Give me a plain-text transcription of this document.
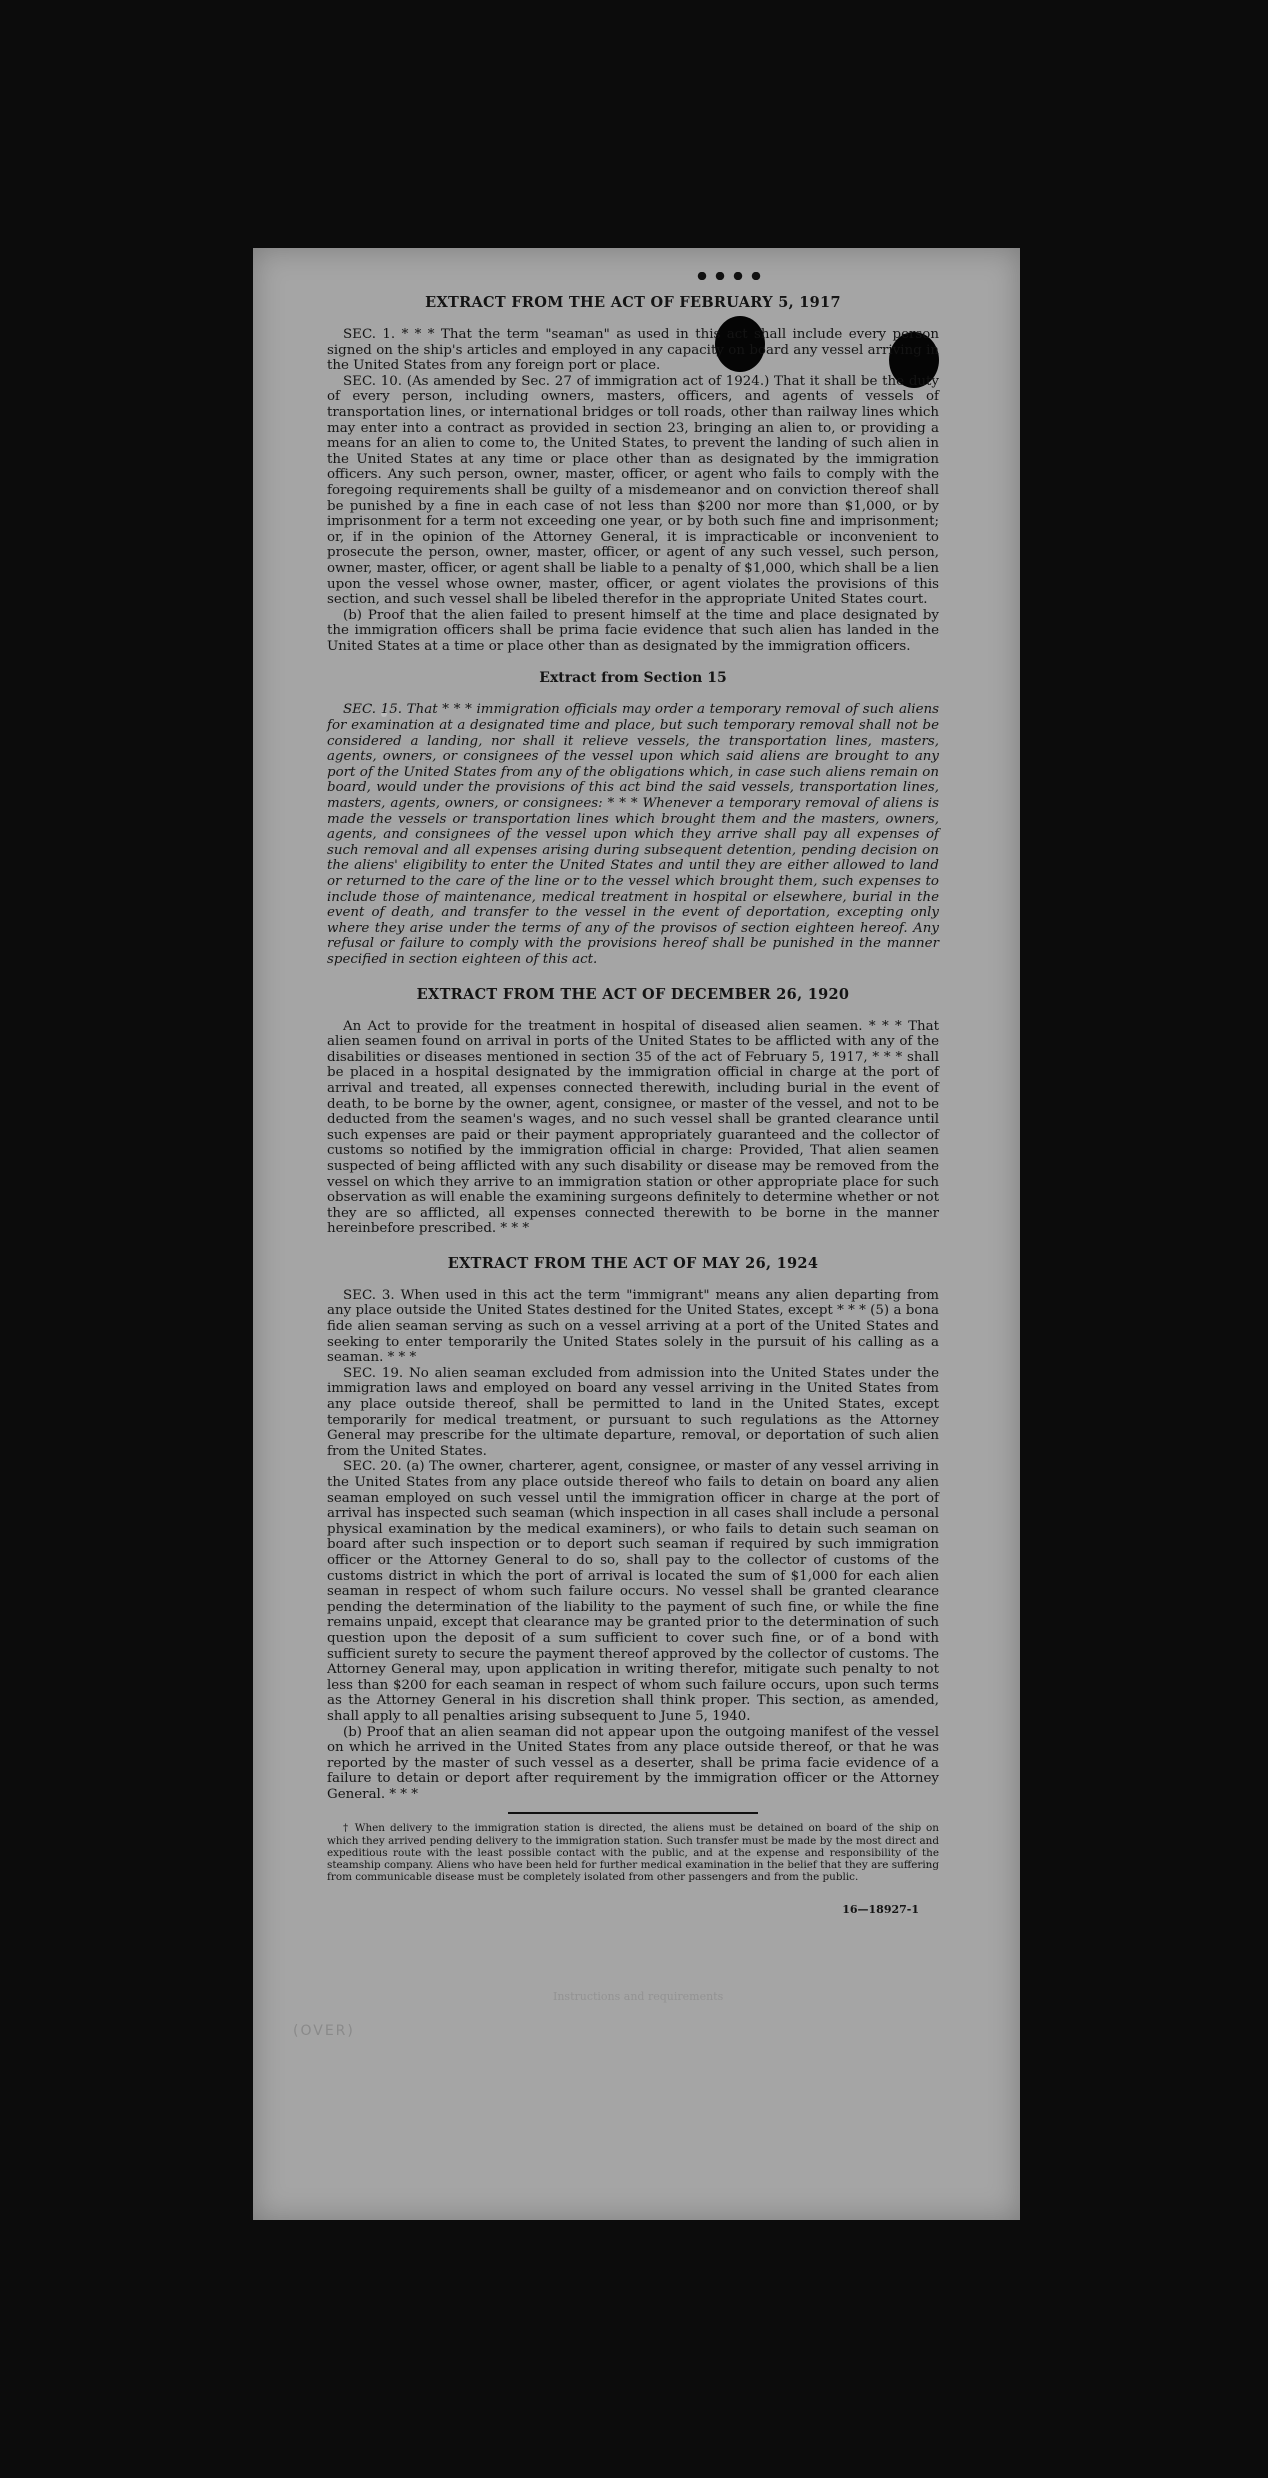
EXTRACT FROM THE ACT OF FEBRUARY 5, 1917

SEC. 1. * * * That the term "seaman" as used in this act shall include every person signed on the ship's articles and employed in any capacity on board any vessel arriving in the United States from any foreign port or place.

SEC. 10. (As amended by Sec. 27 of immigration act of 1924.) That it shall be the duty of every person, including owners, masters, officers, and agents of vessels of transportation lines, or international bridges or toll roads, other than railway lines which may enter into a contract as provided in section 23, bringing an alien to, or providing a means for an alien to come to, the United States, to prevent the landing of such alien in the United States at any time or place other than as designated by the immigration officers. Any such person, owner, master, officer, or agent who fails to comply with the foregoing requirements shall be guilty of a misdemeanor and on conviction thereof shall be punished by a fine in each case of not less than $200 nor more than $1,000, or by imprisonment for a term not exceeding one year, or by both such fine and imprisonment; or, if in the opinion of the Attorney General, it is impracticable or inconvenient to prosecute the person, owner, master, officer, or agent of any such vessel, such person, owner, master, officer, or agent shall be liable to a penalty of $1,000, which shall be a lien upon the vessel whose owner, master, officer, or agent violates the provisions of this section, and such vessel shall be libeled therefor in the appropriate United States court.

(b) Proof that the alien failed to present himself at the time and place designated by the immigration officers shall be prima facie evidence that such alien has landed in the United States at a time or place other than as designated by the immigration officers.

Extract from Section 15

SEC. 15. That * * * immigration officials may order a temporary removal of such aliens for examination at a designated time and place, but such temporary removal shall not be considered a landing, nor shall it relieve vessels, the transportation lines, masters, agents, owners, or consignees of the vessel upon which said aliens are brought to any port of the United States from any of the obligations which, in case such aliens remain on board, would under the provisions of this act bind the said vessels, transportation lines, masters, agents, owners, or consignees: * * * Whenever a temporary removal of aliens is made the vessels or transportation lines which brought them and the masters, owners, agents, and consignees of the vessel upon which they arrive shall pay all expenses of such removal and all expenses arising during subsequent detention, pending decision on the aliens' eligibility to enter the United States and until they are either allowed to land or returned to the care of the line or to the vessel which brought them, such expenses to include those of maintenance, medical treatment in hospital or elsewhere, burial in the event of death, and transfer to the vessel in the event of deportation, excepting only where they arise under the terms of any of the provisos of section eighteen hereof. Any refusal or failure to comply with the provisions hereof shall be punished in the manner specified in section eighteen of this act.

EXTRACT FROM THE ACT OF DECEMBER 26, 1920

An Act to provide for the treatment in hospital of diseased alien seamen. * * * That alien seamen found on arrival in ports of the United States to be afflicted with any of the disabilities or diseases mentioned in section 35 of the act of February 5, 1917, * * * shall be placed in a hospital designated by the immigration official in charge at the port of arrival and treated, all expenses connected therewith, including burial in the event of death, to be borne by the owner, agent, consignee, or master of the vessel, and not to be deducted from the seamen's wages, and no such vessel shall be granted clearance until such expenses are paid or their payment appropriately guaranteed and the collector of customs so notified by the immigration official in charge: Provided, That alien seamen suspected of being afflicted with any such disability or disease may be removed from the vessel on which they arrive to an immigration station or other appropriate place for such observation as will enable the examining surgeons definitely to determine whether or not they are so afflicted, all expenses connected therewith to be borne in the manner hereinbefore prescribed. * * *

EXTRACT FROM THE ACT OF MAY 26, 1924

SEC. 3. When used in this act the term "immigrant" means any alien departing from any place outside the United States destined for the United States, except * * * (5) a bona fide alien seaman serving as such on a vessel arriving at a port of the United States and seeking to enter temporarily the United States solely in the pursuit of his calling as a seaman. * * *

SEC. 19. No alien seaman excluded from admission into the United States under the immigration laws and employed on board any vessel arriving in the United States from any place outside thereof, shall be permitted to land in the United States, except temporarily for medical treatment, or pursuant to such regulations as the Attorney General may prescribe for the ultimate departure, removal, or deportation of such alien from the United States.

SEC. 20. (a) The owner, charterer, agent, consignee, or master of any vessel arriving in the United States from any place outside thereof who fails to detain on board any alien seaman employed on such vessel until the immigration officer in charge at the port of arrival has inspected such seaman (which inspection in all cases shall include a personal physical examination by the medical examiners), or who fails to detain such seaman on board after such inspection or to deport such seaman if required by such immigration officer or the Attorney General to do so, shall pay to the collector of customs of the customs district in which the port of arrival is located the sum of $1,000 for each alien seaman in respect of whom such failure occurs. No vessel shall be granted clearance pending the determination of the liability to the payment of such fine, or while the fine remains unpaid, except that clearance may be granted prior to the determination of such question upon the deposit of a sum sufficient to cover such fine, or of a bond with sufficient surety to secure the payment thereof approved by the collector of customs. The Attorney General may, upon application in writing therefor, mitigate such penalty to not less than $200 for each seaman in respect of whom such failure occurs, upon such terms as the Attorney General in his discretion shall think proper. This section, as amended, shall apply to all penalties arising subsequent to June 5, 1940.

(b) Proof that an alien seaman did not appear upon the outgoing manifest of the vessel on which he arrived in the United States from any place outside thereof, or that he was reported by the master of such vessel as a deserter, shall be prima facie evidence of a failure to detain or deport after requirement by the immigration officer or the Attorney General. * * *

† When delivery to the immigration station is directed, the aliens must be detained on board of the ship on which they arrived pending delivery to the immigration station. Such transfer must be made by the most direct and expeditious route with the least possible contact with the public, and at the expense and responsibility of the steamship company. Aliens who have been held for further medical examination in the belief that they are suffering from communicable disease must be completely isolated from other passengers and from the public.

16—18927-1
(OVER)
Instructions and requirements
